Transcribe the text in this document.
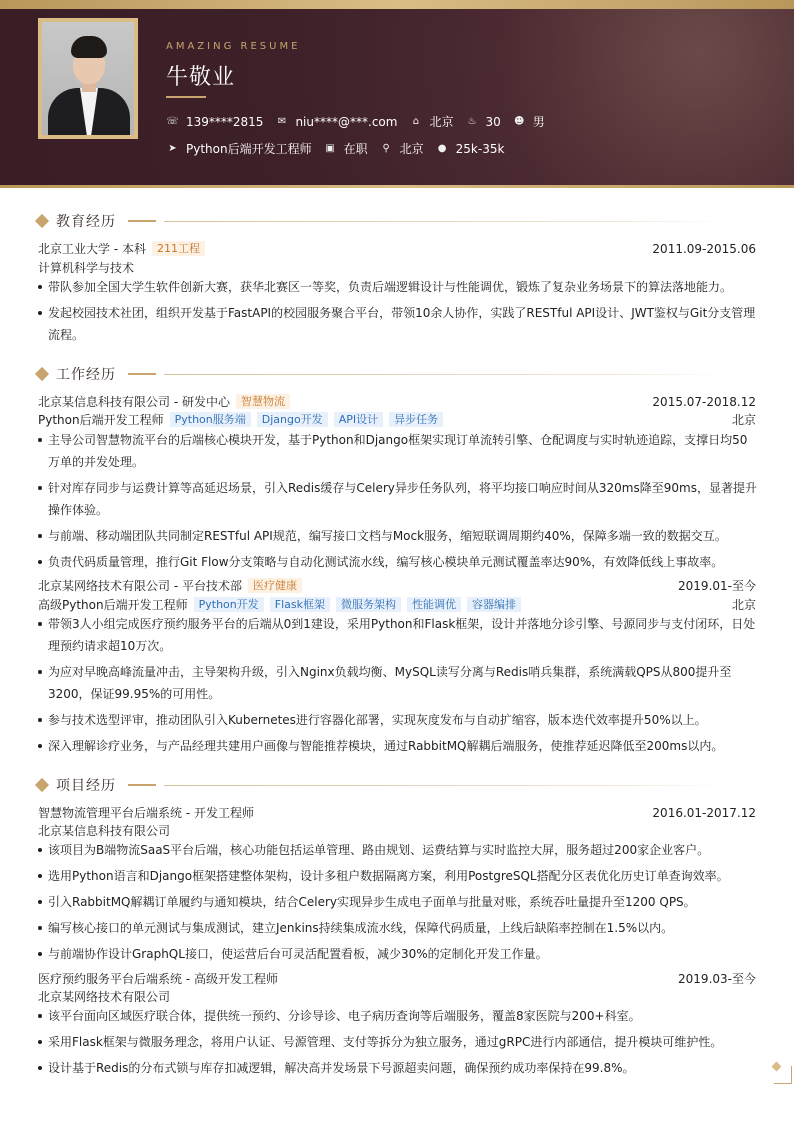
AMAZING RESUME
牛敬业
☏ 139****2815 ✉ niu****@***.com	⌂ 北京 ♨ 30 ☻ 男
➤ Python后端开发工程师 ▣ 在职 ⚲ 北京 ● 25k-35k
教育经历
北京工业大学 - 本科	211工程	2011.09-2015.06
计算机科学与技术
带队参加全国大学生软件创新大赛，获华北赛区一等奖，负责后端逻辑设计与性能调优，锻炼了复杂业务场景下的算法落地能力。
发起校园技术社团，组织开发基于FastAPI的校园服务聚合平台，带领10余人协作，实践了RESTful API设计、JWT鉴权与Git分支管理流程。
工作经历
北京某信息科技有限公司 - 研发中心	智慧物流	2015.07-2018.12
Python后端开发工程师	Python服务端	Django开发	API设计	异步任务	北京
主导公司智慧物流平台的后端核心模块开发，基于Python和Django框架实现订单流转引擎、仓配调度与实时轨迹追踪，支撑日均50万单的并发处理。
针对库存同步与运费计算等高延迟场景，引入Redis缓存与Celery异步任务队列，将平均接口响应时间从320ms降至90ms，显著提升操作体验。
与前端、移动端团队共同制定RESTful API规范，编写接口文档与Mock服务，缩短联调周期约40%，保障多端一致的数据交互。
负责代码质量管理，推行Git Flow分支策略与自动化测试流水线，编写核心模块单元测试覆盖率达90%，有效降低线上事故率。
北京某网络技术有限公司 - 平台技术部	医疗健康	2019.01-至今
高级Python后端开发工程师	Python开发	Flask框架	微服务架构	性能调优	容器编排	北京
带领3人小组完成医疗预约服务平台的后端从0到1建设，采用Python和Flask框架，设计并落地分诊引擎、号源同步与支付闭环，日处理预约请求超10万次。
为应对早晚高峰流量冲击，主导架构升级，引入Nginx负载均衡、MySQL读写分离与Redis哨兵集群，系统满载QPS从800提升至3200，保证99.95%的可用性。
参与技术选型评审，推动团队引入Kubernetes进行容器化部署，实现灰度发布与自动扩缩容，版本迭代效率提升50%以上。
深入理解诊疗业务，与产品经理共建用户画像与智能推荐模块，通过RabbitMQ解耦后端服务，使推荐延迟降低至200ms以内。
项目经历
智慧物流管理平台后端系统 - 开发工程师	2016.01-2017.12
北京某信息科技有限公司
该项目为B端物流SaaS平台后端，核心功能包括运单管理、路由规划、运费结算与实时监控大屏，服务超过200家企业客户。
选用Python语言和Django框架搭建整体架构，设计多租户数据隔离方案，利用PostgreSQL搭配分区表优化历史订单查询效率。
引入RabbitMQ解耦订单履约与通知模块，结合Celery实现异步生成电子面单与批量对账，系统吞吐量提升至1200 QPS。
编写核心接口的单元测试与集成测试，建立Jenkins持续集成流水线，保障代码质量，上线后缺陷率控制在1.5%以内。
与前端协作设计GraphQL接口，使运营后台可灵活配置看板，减少30%的定制化开发工作量。
医疗预约服务平台后端系统 - 高级开发工程师	2019.03-至今
北京某网络技术有限公司
该平台面向区域医疗联合体，提供统一预约、分诊导诊、电子病历查询等后端服务，覆盖8家医院与200+科室。
采用Flask框架与微服务理念，将用户认证、号源管理、支付等拆分为独立服务，通过gRPC进行内部通信，提升模块可维护性。
设计基于Redis的分布式锁与库存扣减逻辑，解决高并发场景下号源超卖问题，确保预约成功率保持在99.8%。
